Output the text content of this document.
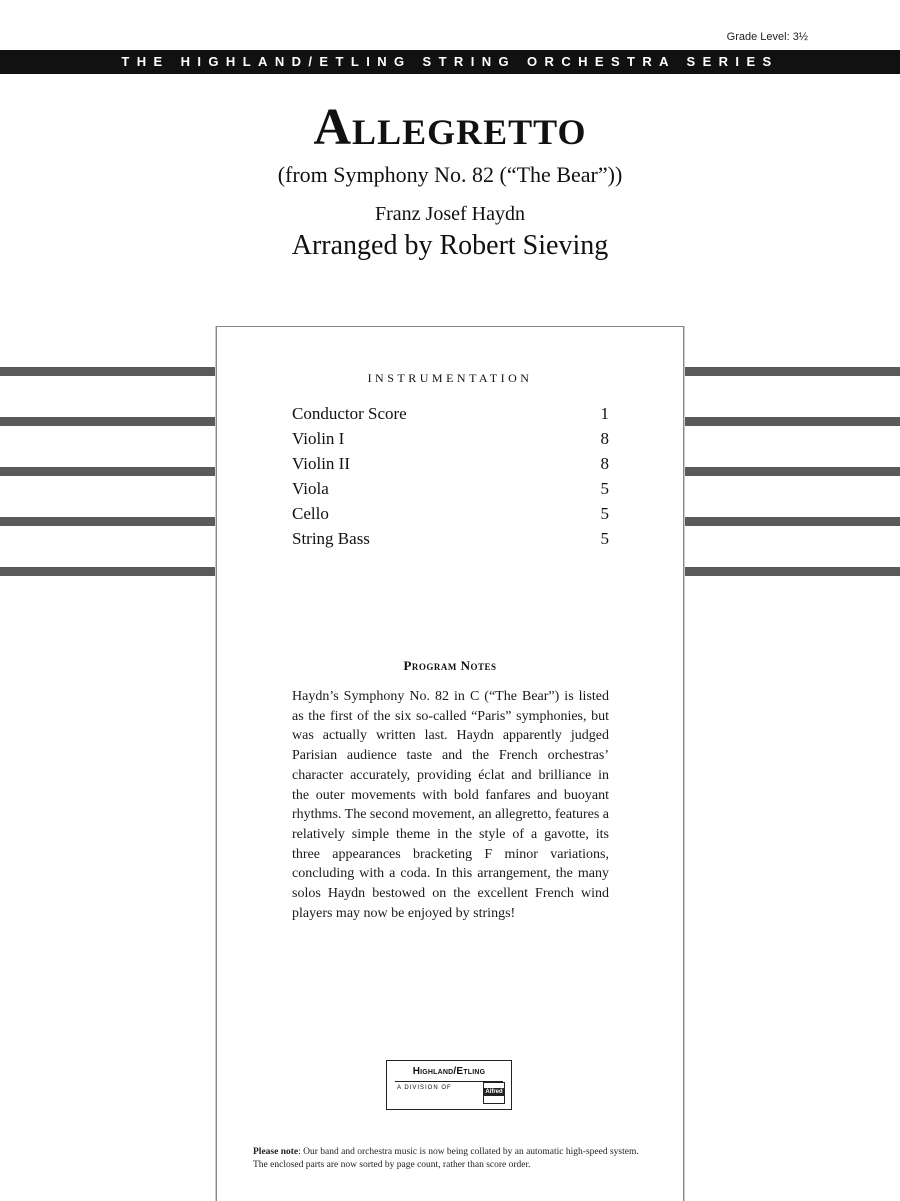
Grade Level: 3½
THE HIGHLAND/ETLING STRING ORCHESTRA SERIES
Allegretto
(from Symphony No. 82 (“The Bear”))
Franz Josef Haydn
Arranged by Robert Sieving
INSTRUMENTATION
Conductor Score	1
Violin I	8
Violin II	8
Viola	5
Cello	5
String Bass	5
Program Notes
Haydn’s Symphony No. 82 in C (“The Bear”) is listed as the first of the six so-called “Paris” symphonies, but was actually written last. Haydn apparently judged Parisian audience taste and the French orchestras’ character accurately, providing éclat and brilliance in the outer movements with bold fanfares and buoyant rhythms. The second movement, an allegretto, features a relatively simple theme in the style of a gavotte, its three appearances bracketing F minor variations, concluding with a coda. In this arrangement, the many solos Haydn bestowed on the excellent French wind players may now be enjoyed by strings!
Highland/Etling
A DIVISION OF
Alfred
Please note: Our band and orchestra music is now being collated by an automatic high-speed system. The enclosed parts are now sorted by page count, rather than score order.
